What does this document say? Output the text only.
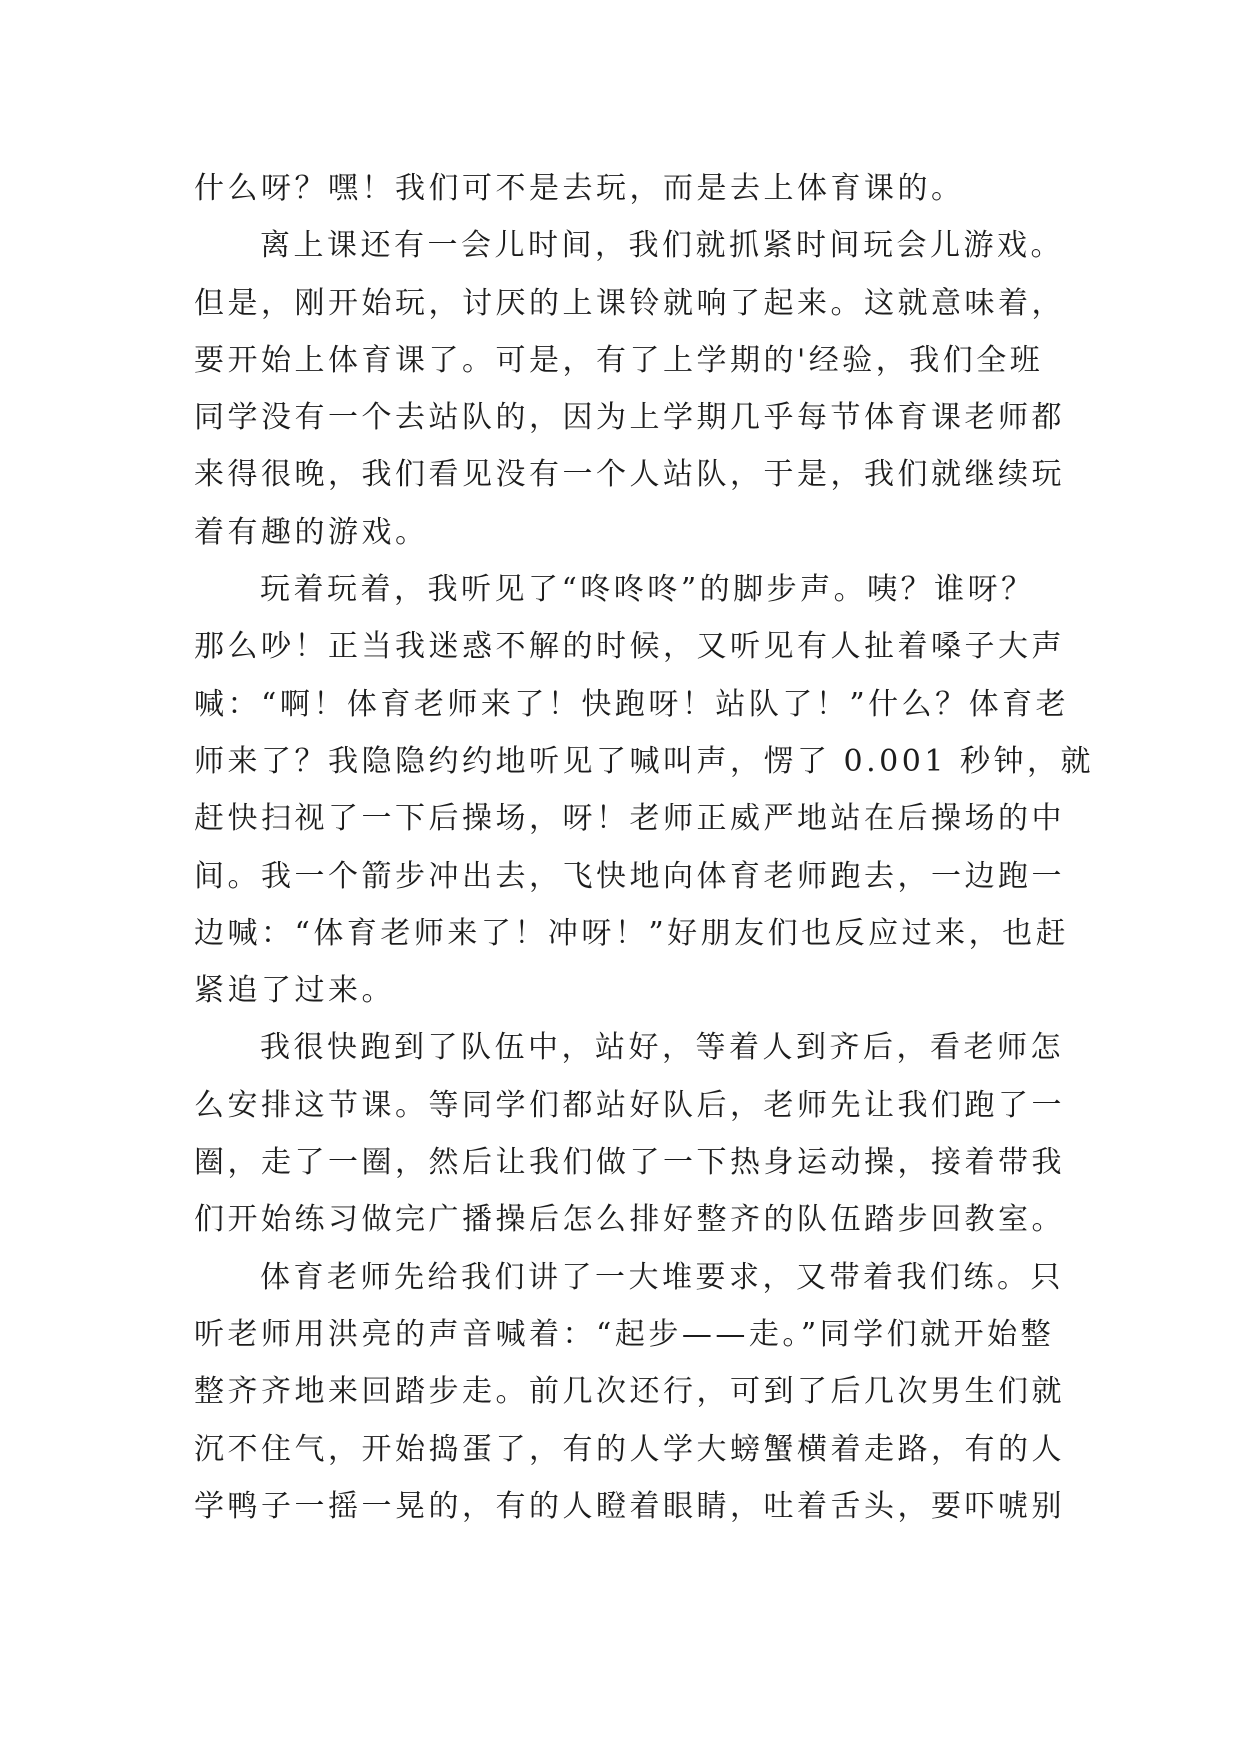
什么呀？嘿！我们可不是去玩，而是去上体育课的。
离上课还有一会儿时间，我们就抓紧时间玩会儿游戏。
但是，刚开始玩，讨厌的上课铃就响了起来。这就意味着，
要开始上体育课了。可是，有了上学期的'经验，我们全班
同学没有一个去站队的，因为上学期几乎每节体育课老师都
来得很晚，我们看见没有一个人站队，于是，我们就继续玩
着有趣的游戏。
玩着玩着，我听见了“咚咚咚”的脚步声。咦？谁呀？
那么吵！正当我迷惑不解的时候，又听见有人扯着嗓子大声
喊：“啊！体育老师来了！快跑呀！站队了！”什么？体育老
师来了？我隐隐约约地听见了喊叫声，愣了 0.001 秒钟，就
赶快扫视了一下后操场，呀！老师正威严地站在后操场的中
间。我一个箭步冲出去，飞快地向体育老师跑去，一边跑一
边喊：“体育老师来了！冲呀！”好朋友们也反应过来，也赶
紧追了过来。
我很快跑到了队伍中，站好，等着人到齐后，看老师怎
么安排这节课。等同学们都站好队后，老师先让我们跑了一
圈，走了一圈，然后让我们做了一下热身运动操，接着带我
们开始练习做完广播操后怎么排好整齐的队伍踏步回教室。
体育老师先给我们讲了一大堆要求，又带着我们练。只
听老师用洪亮的声音喊着：“起步——走。”同学们就开始整
整齐齐地来回踏步走。前几次还行，可到了后几次男生们就
沉不住气，开始捣蛋了，有的人学大螃蟹横着走路，有的人
学鸭子一摇一晃的，有的人瞪着眼睛，吐着舌头，要吓唬别
